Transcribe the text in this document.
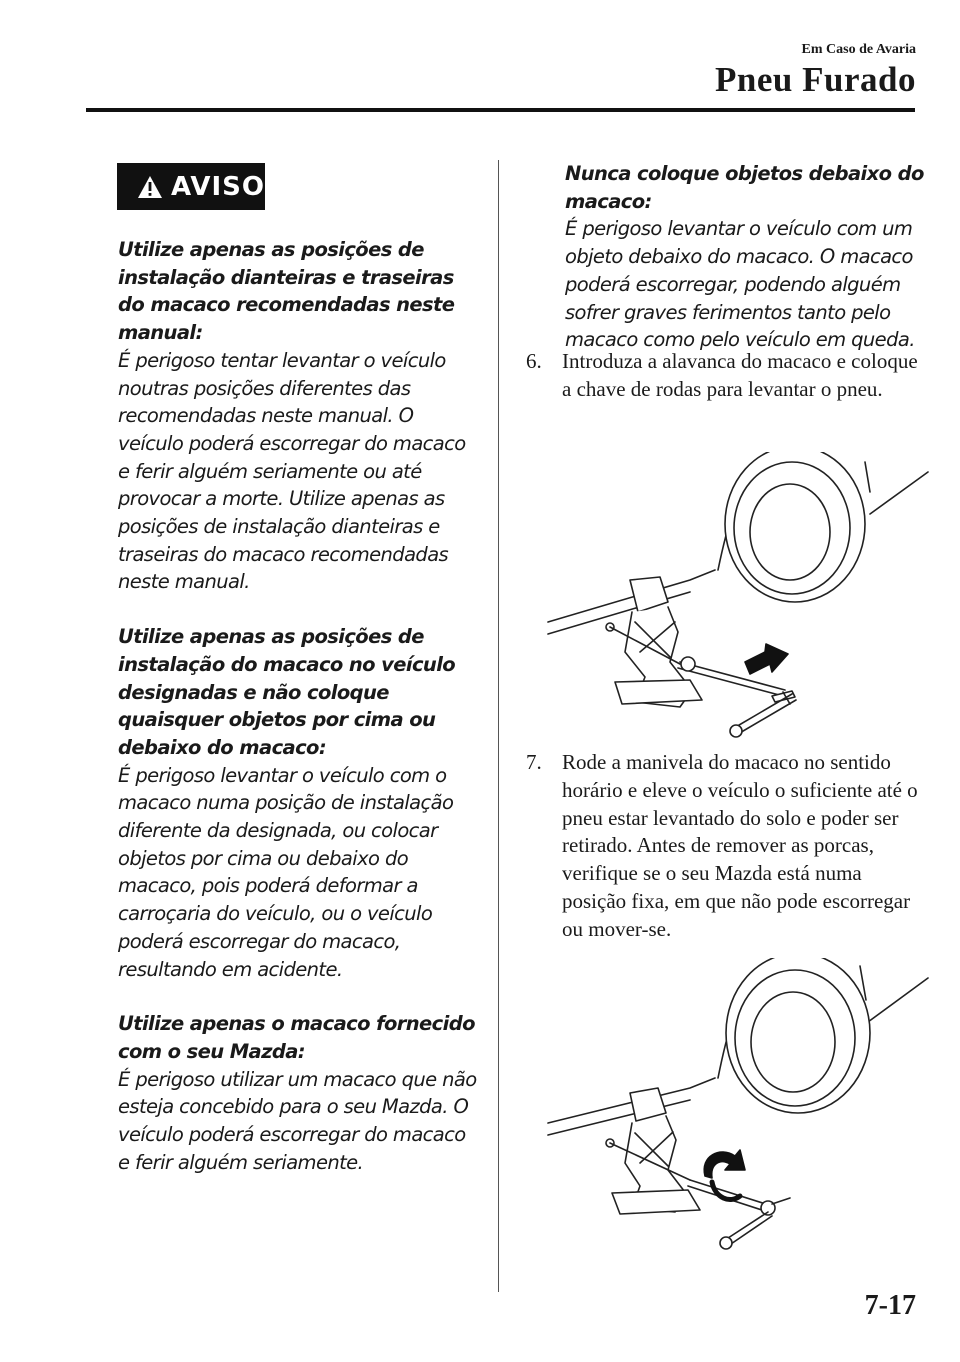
Em Caso de Avaria
Pneu Furado
AVISO

Utilize apenas as posições de instalação dianteiras e traseiras do macaco recomendadas neste manual:

É perigoso tentar levantar o veículo noutras posições diferentes das recomendadas neste manual. O veículo poderá escorregar do macaco e ferir alguém seriamente ou até provocar a morte. Utilize apenas as posições de instalação dianteiras e traseiras do macaco recomendadas neste manual.

Utilize apenas as posições de instalação do macaco no veículo designadas e não coloque quaisquer objetos por cima ou debaixo do macaco:

É perigoso levantar o veículo com o macaco numa posição de instalação diferente da designada, ou colocar objetos por cima ou debaixo do macaco, pois poderá deformar a carroçaria do veículo, ou o veículo poderá escorregar do macaco, resultando em acidente.

Utilize apenas o macaco fornecido com o seu Mazda:

É perigoso utilizar um macaco que não esteja concebido para o seu Mazda. O veículo poderá escorregar do macaco e ferir alguém seriamente.

Nunca coloque objetos debaixo do macaco:

É perigoso levantar o veículo com um objeto debaixo do macaco. O macaco poderá escorregar, podendo alguém sofrer graves ferimentos tanto pelo macaco como pelo veículo em queda.

6. Introduza a alavanca do macaco e coloque a chave de rodas para levantar o pneu.
7. Rode a manivela do macaco no sentido horário e eleve o veículo o suficiente até o pneu estar levantado do solo e poder ser retirado. Antes de remover as porcas, verifique se o seu Mazda está numa posição fixa, em que não pode escorregar ou mover-se.
7-17
